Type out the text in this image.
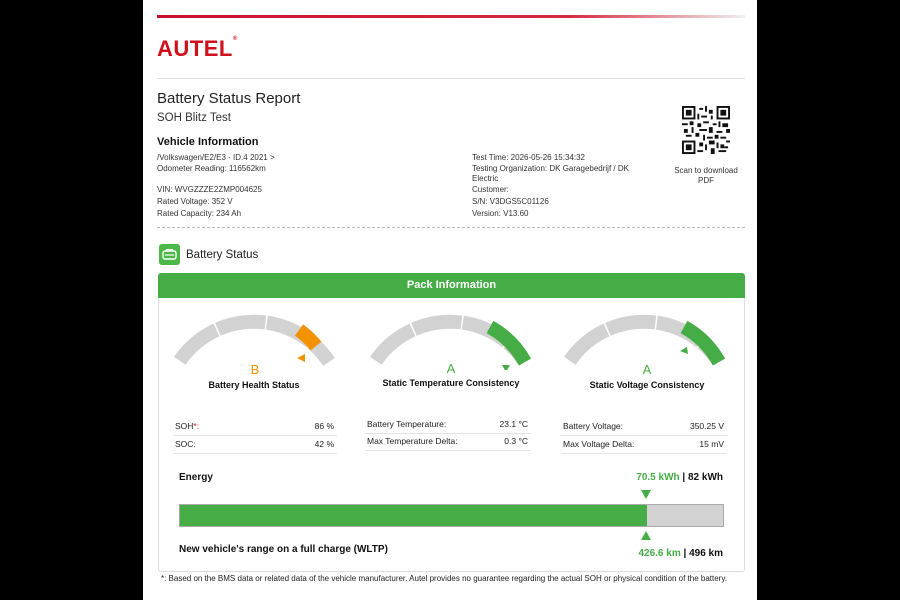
AUTEL®
Battery Status Report
SOH Blitz Test
Vehicle Information
/Volkswagen/E2/E3 - ID.4 2021 >
Odometer Reading: 116562km
VIN: WVGZZZE2ZMP004625
Rated Voltage: 352 V
Rated Capacity: 234 Ah
Test Time: 2026-05-26 15:34:32
Testing Organization: DK Garagebedrijf / DK
Electric
Customer:
S/N: V3DGS5C01126
Version: V13.60
Scan to download
PDF
Battery Status
Pack Information
B
Battery Health Status
A
Static Temperature Consistency
A
Static Voltage Consistency
SOH*:	86 %
SOC:	42 %
Battery Temperature:	23.1 °C
Max Temperature Delta:	0.3 °C
Battery Voltage:	350.25 V
Max Voltage Delta:	15 mV
Energy	70.5 kWh | 82 kWh
New vehicle's range on a full charge (WLTP)	426.6 km | 496 km
*: Based on the BMS data or related data of the vehicle manufacturer. Autel provides no guarantee regarding the actual SOH or physical condition of the battery.
